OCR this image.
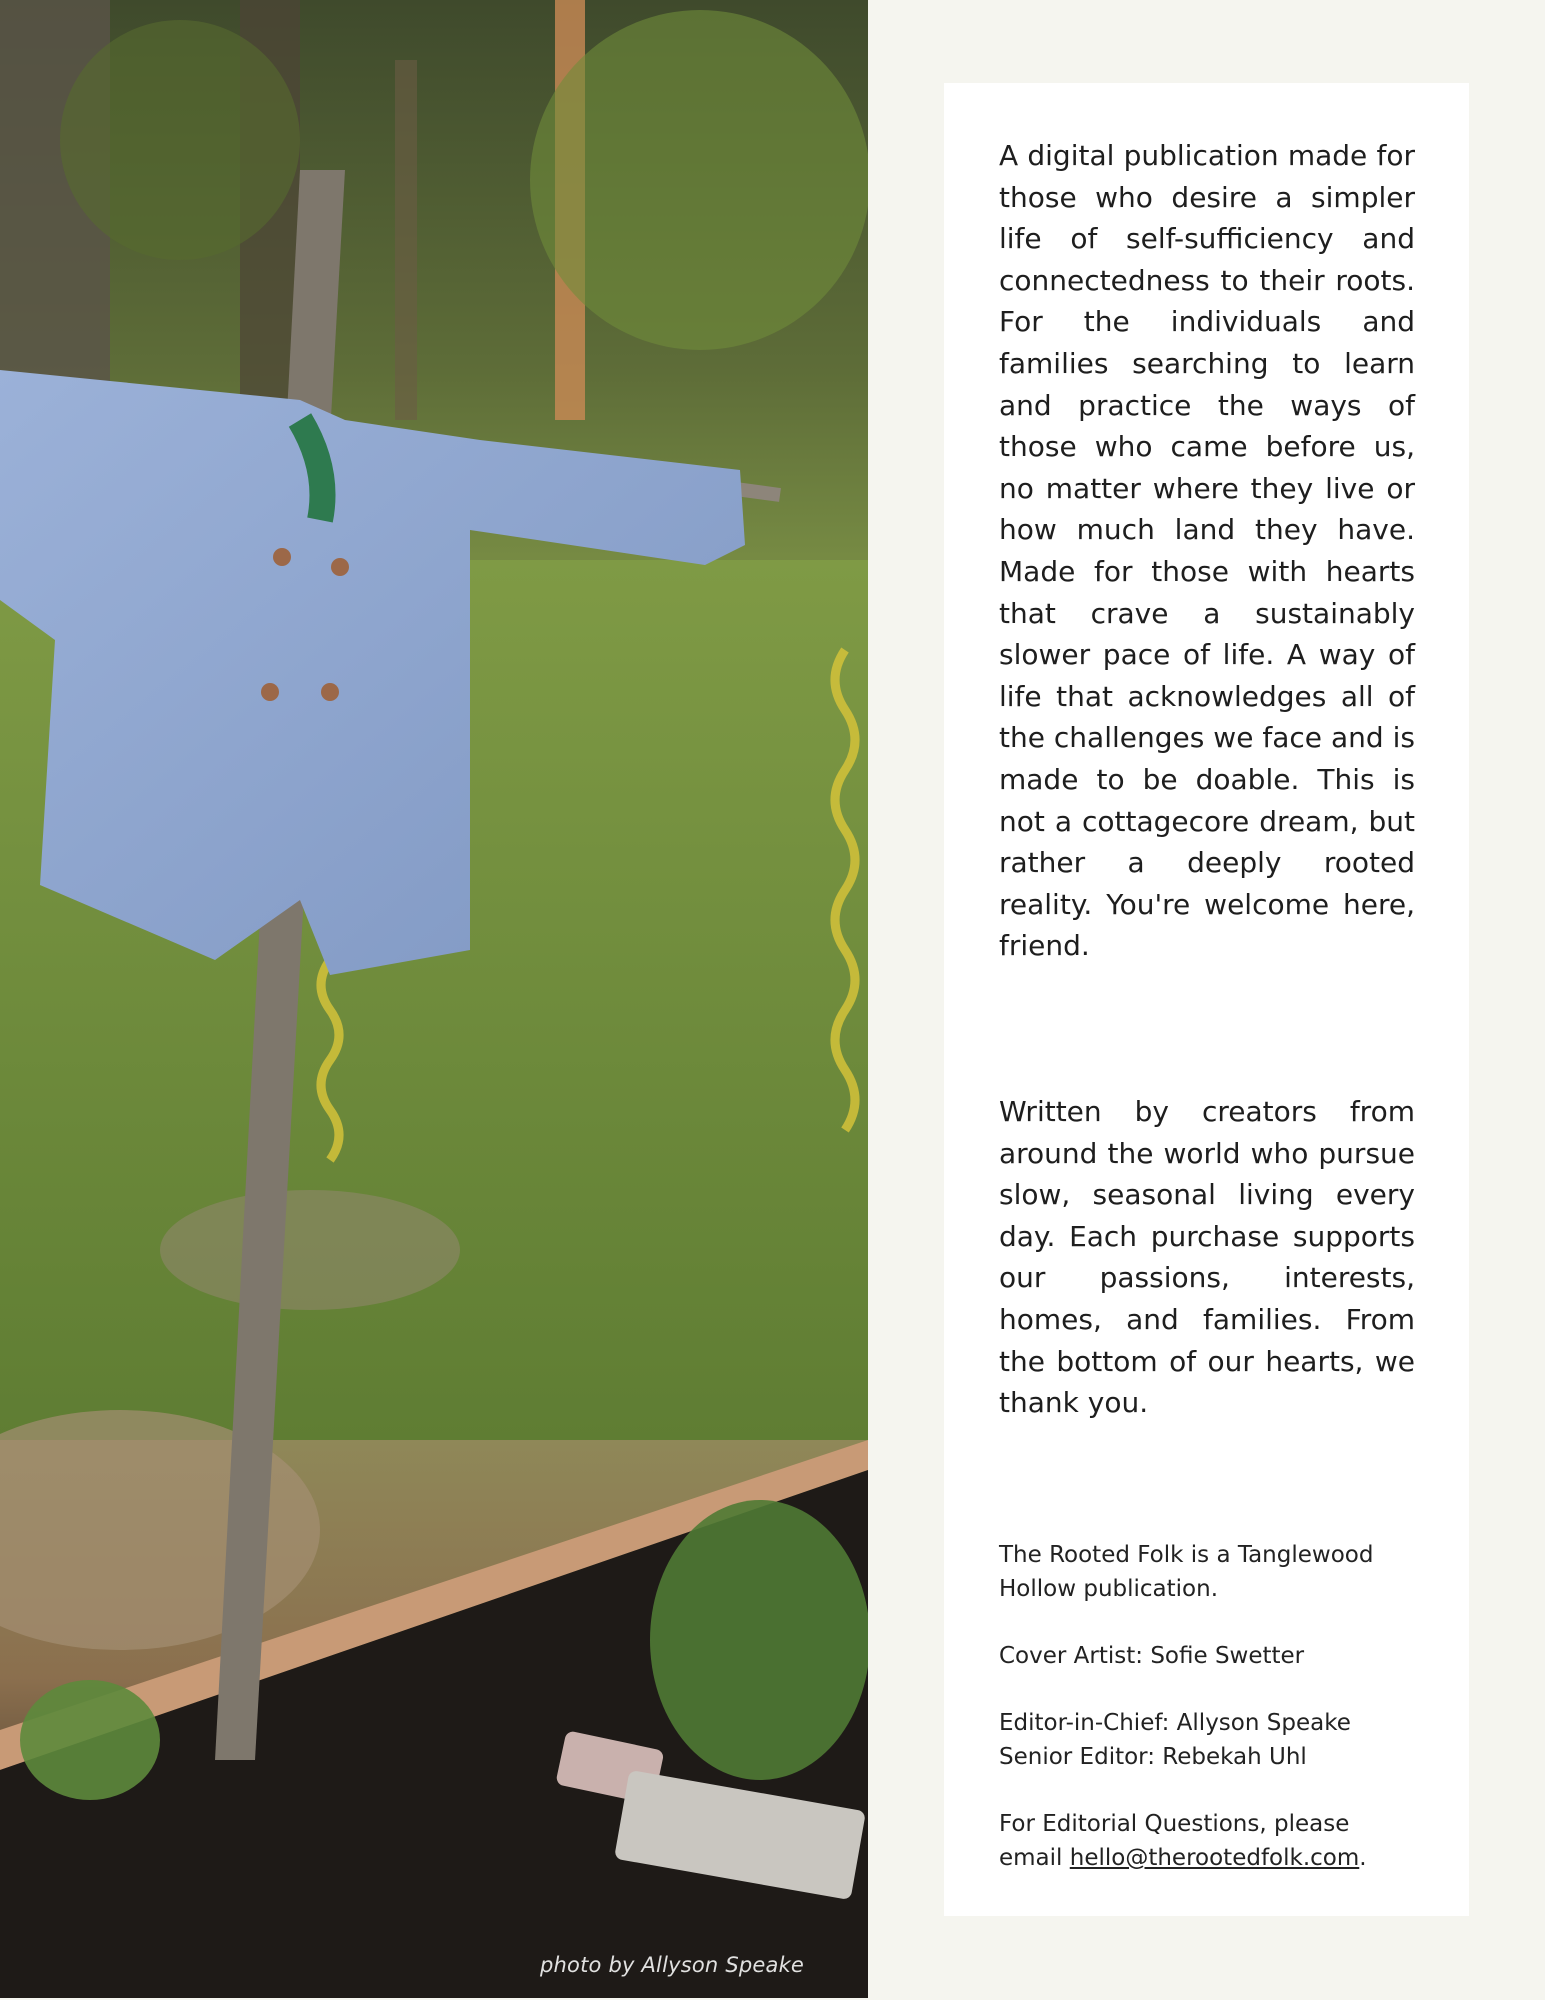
photo by Allyson Speake

A digital publication made for those who desire a simpler life of self-sufficiency and connectedness to their roots. For the individuals and families searching to learn and practice the ways of those who came before us, no matter where they live or how much land they have. Made for those with hearts that crave a sustainably slower pace of life. A way of life that acknowledges all of the challenges we face and is made to be doable. This is not a cottagecore dream, but rather a deeply rooted reality. You're welcome here, friend.

Written by creators from around the world who pursue slow, seasonal living every day. Each purchase supports our passions, interests, homes, and families. From the bottom of our hearts, we thank you.

The Rooted Folk is a Tanglewood Hollow publication.

Cover Artist: Sofie Swetter

Editor-in-Chief: Allyson Speake

Senior Editor: Rebekah Uhl

For Editorial Questions, please email hello@therootedfolk.com.
